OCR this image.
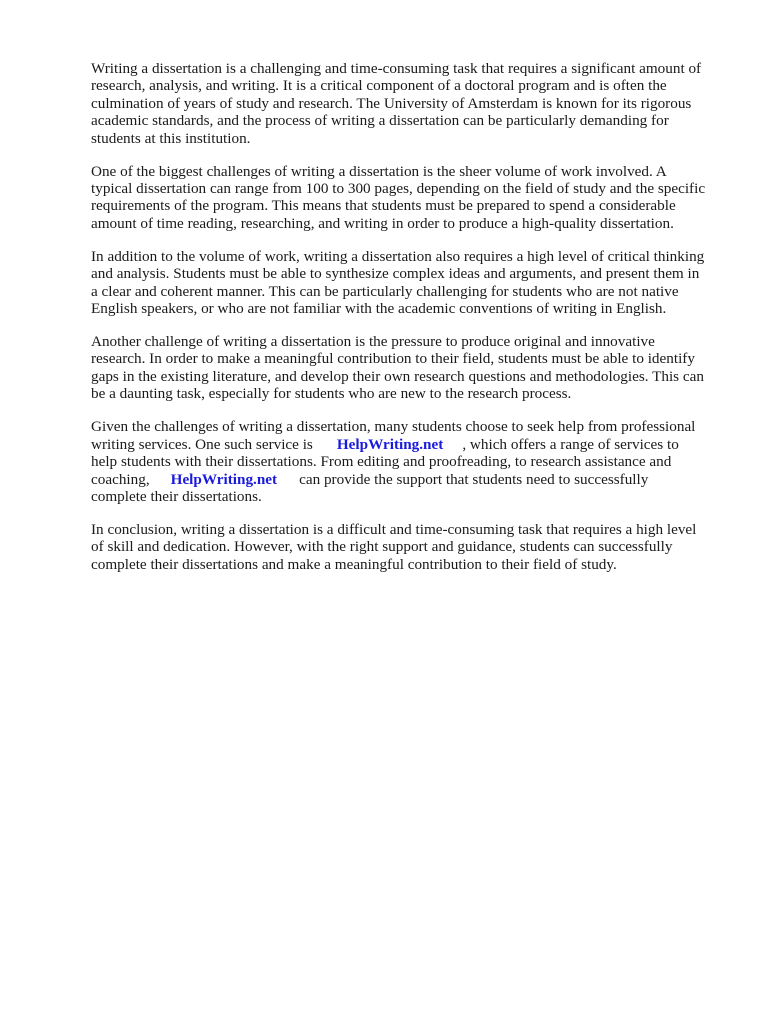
Writing a dissertation is a challenging and time-consuming task that requires a significant amount of
research, analysis, and writing. It is a critical component of a doctoral program and is often the
culmination of years of study and research. The University of Amsterdam is known for its rigorous
academic standards, and the process of writing a dissertation can be particularly demanding for
students at this institution.

One of the biggest challenges of writing a dissertation is the sheer volume of work involved. A
typical dissertation can range from 100 to 300 pages, depending on the field of study and the specific
requirements of the program. This means that students must be prepared to spend a considerable
amount of time reading, researching, and writing in order to produce a high-quality dissertation.

In addition to the volume of work, writing a dissertation also requires a high level of critical thinking
and analysis. Students must be able to synthesize complex ideas and arguments, and present them in
a clear and coherent manner. This can be particularly challenging for students who are not native
English speakers, or who are not familiar with the academic conventions of writing in English.

Another challenge of writing a dissertation is the pressure to produce original and innovative
research. In order to make a meaningful contribution to their field, students must be able to identify
gaps in the existing literature, and develop their own research questions and methodologies. This can
be a daunting task, especially for students who are new to the research process.

Given the challenges of writing a dissertation, many students choose to seek help from professional
writing services. One such service is HelpWriting.net , which offers a range of services to
help students with their dissertations. From editing and proofreading, to research assistance and
coaching, HelpWriting.net can provide the support that students need to successfully
complete their dissertations.

In conclusion, writing a dissertation is a difficult and time-consuming task that requires a high level
of skill and dedication. However, with the right support and guidance, students can successfully
complete their dissertations and make a meaningful contribution to their field of study.
